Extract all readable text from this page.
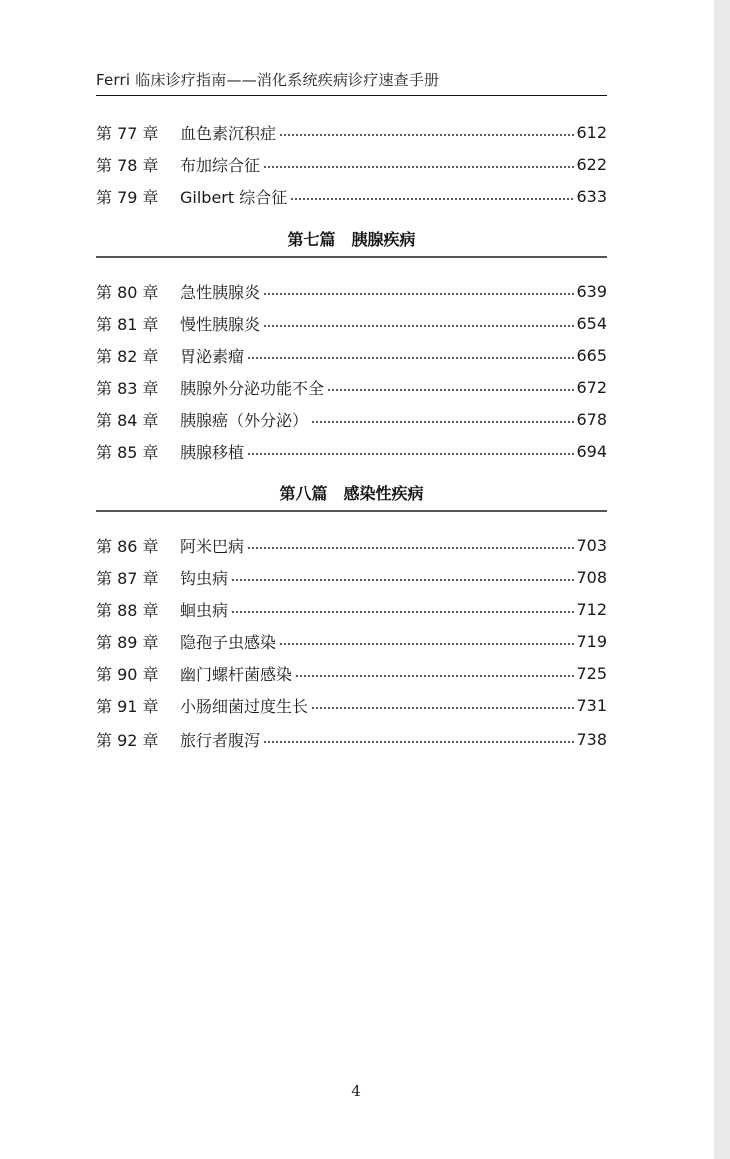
Ferri 临床诊疗指南——消化系统疾病诊疗速查手册
第 77 章	血色素沉积症	612
第 78 章	布加综合征	622
第 79 章	Gilbert 综合征	633
第七篇　胰腺疾病
第 80 章	急性胰腺炎	639
第 81 章	慢性胰腺炎	654
第 82 章	胃泌素瘤	665
第 83 章	胰腺外分泌功能不全	672
第 84 章	胰腺癌（外分泌）	678
第 85 章	胰腺移植	694
第八篇　感染性疾病
第 86 章	阿米巴病	703
第 87 章	钩虫病	708
第 88 章	蛔虫病	712
第 89 章	隐孢子虫感染	719
第 90 章	幽门螺杆菌感染	725
第 91 章	小肠细菌过度生长	731
第 92 章	旅行者腹泻	738
4
